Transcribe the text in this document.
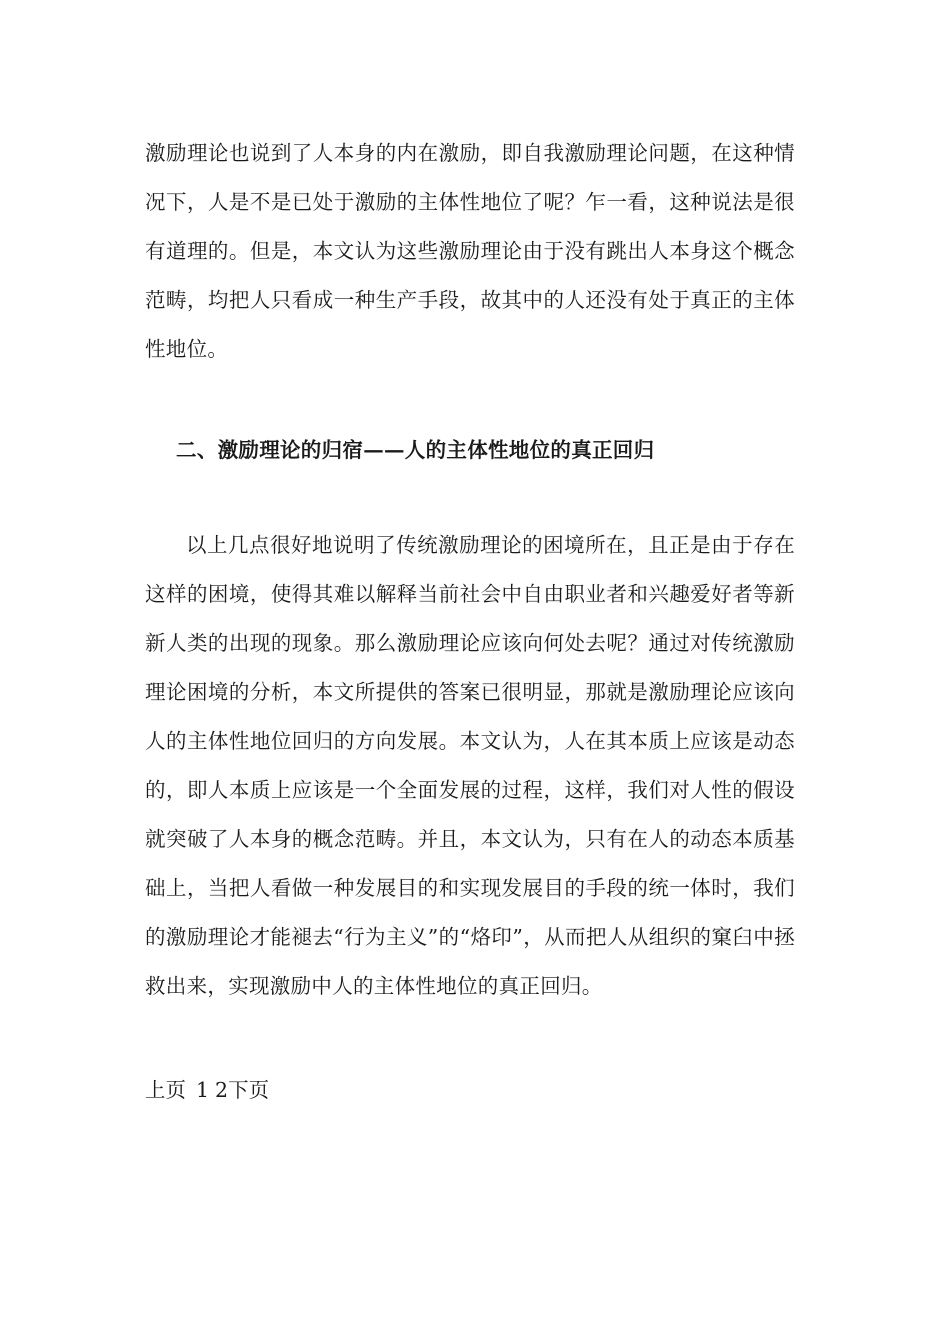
激励理论也说到了人本身的内在激励，即自我激励理论问题，在这种情况下，人是不是已处于激励的主体性地位了呢？乍一看，这种说法是很有道理的。但是，本文认为这些激励理论由于没有跳出人本身这个概念范畴，均把人只看成一种生产手段，故其中的人还没有处于真正的主体性地位。

二、激励理论的归宿——人的主体性地位的真正回归

以上几点很好地说明了传统激励理论的困境所在，且正是由于存在这样的困境，使得其难以解释当前社会中自由职业者和兴趣爱好者等新新人类的出现的现象。那么激励理论应该向何处去呢？通过对传统激励理论困境的分析，本文所提供的答案已很明显，那就是激励理论应该向人的主体性地位回归的方向发展。本文认为，人在其本质上应该是动态的，即人本质上应该是一个全面发展的过程，这样，我们对人性的假设就突破了人本身的概念范畴。并且，本文认为，只有在人的动态本质基础上，当把人看做一种发展目的和实现发展目的手段的统一体时，我们的激励理论才能褪去“行为主义”的“烙印”，从而把人从组织的窠臼中拯救出来，实现激励中人的主体性地位的真正回归。

上页 1 2下页
